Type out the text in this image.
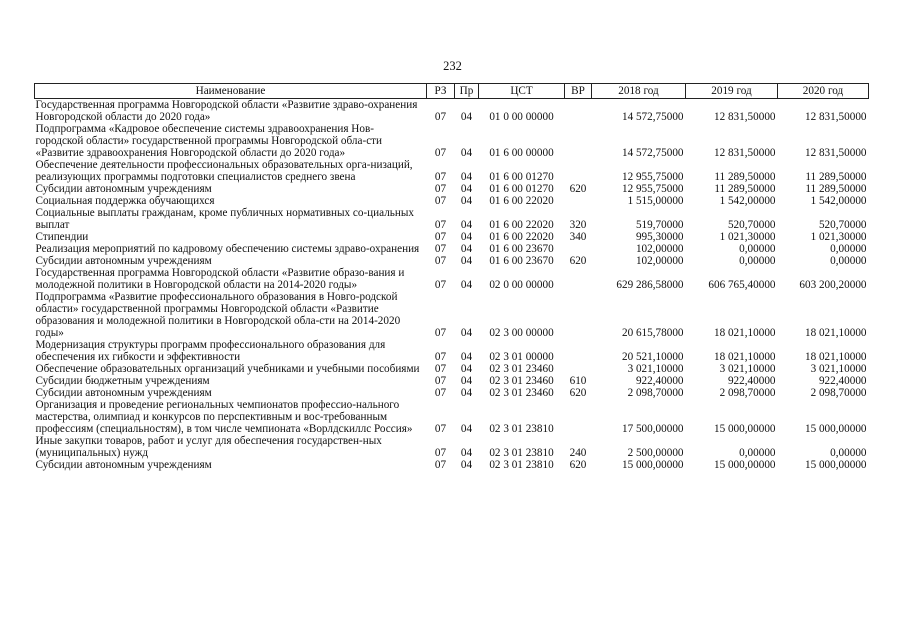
232
Наименование	РЗ	Пр	ЦСТ	ВР	2018 год	2019 год	2020 год
Государственная программа Новгородской области «Развитие здраво-охранения Новгородской области до 2020 года»	07	04	01 0 00 00000		14 572,75000	12 831,50000	12 831,50000
Подпрограмма «Кадровое обеспечение системы здравоохранения Нов-городской области» государственной программы Новгородской обла-сти «Развитие здравоохранения Новгородской области до 2020 года»	07	04	01 6 00 00000		14 572,75000	12 831,50000	12 831,50000
Обеспечение деятельности профессиональных образовательных орга-низаций, реализующих программы подготовки специалистов среднего звена	07	04	01 6 00 01270		12 955,75000	11 289,50000	11 289,50000
Субсидии автономным учреждениям	07	04	01 6 00 01270	620	12 955,75000	11 289,50000	11 289,50000
Социальная поддержка обучающихся	07	04	01 6 00 22020		1 515,00000	1 542,00000	1 542,00000
Социальные выплаты гражданам, кроме публичных нормативных со-циальных выплат	07	04	01 6 00 22020	320	519,70000	520,70000	520,70000
Стипендии	07	04	01 6 00 22020	340	995,30000	1 021,30000	1 021,30000
Реализация мероприятий по кадровому обеспечению системы здраво-охранения	07	04	01 6 00 23670		102,00000	0,00000	0,00000
Субсидии автономным учреждениям	07	04	01 6 00 23670	620	102,00000	0,00000	0,00000
Государственная программа Новгородской области «Развитие образо-вания и молодежной политики в Новгородской области на 2014-2020 годы»	07	04	02 0 00 00000		629 286,58000	606 765,40000	603 200,20000
Подпрограмма «Развитие профессионального образования в Новго-родской области» государственной программы Новгородской области «Развитие образования и молодежной политики в Новгородской обла-сти на 2014-2020 годы»	07	04	02 3 00 00000		20 615,78000	18 021,10000	18 021,10000
Модернизация структуры программ профессионального образования для обеспечения их гибкости и эффективности	07	04	02 3 01 00000		20 521,10000	18 021,10000	18 021,10000
Обеспечение образовательных организаций учебниками и учебными пособиями	07	04	02 3 01 23460		3 021,10000	3 021,10000	3 021,10000
Субсидии бюджетным учреждениям	07	04	02 3 01 23460	610	922,40000	922,40000	922,40000
Субсидии автономным учреждениям	07	04	02 3 01 23460	620	2 098,70000	2 098,70000	2 098,70000
Организация и проведение региональных чемпионатов профессио-нального мастерства, олимпиад и конкурсов по перспективным и вос-требованным профессиям (специальностям), в том числе чемпионата «Ворлдскиллс Россия»	07	04	02 3 01 23810		17 500,00000	15 000,00000	15 000,00000
Иные закупки товаров, работ и услуг для обеспечения государствен-ных (муниципальных) нужд	07	04	02 3 01 23810	240	2 500,00000	0,00000	0,00000
Субсидии автономным учреждениям	07	04	02 3 01 23810	620	15 000,00000	15 000,00000	15 000,00000
